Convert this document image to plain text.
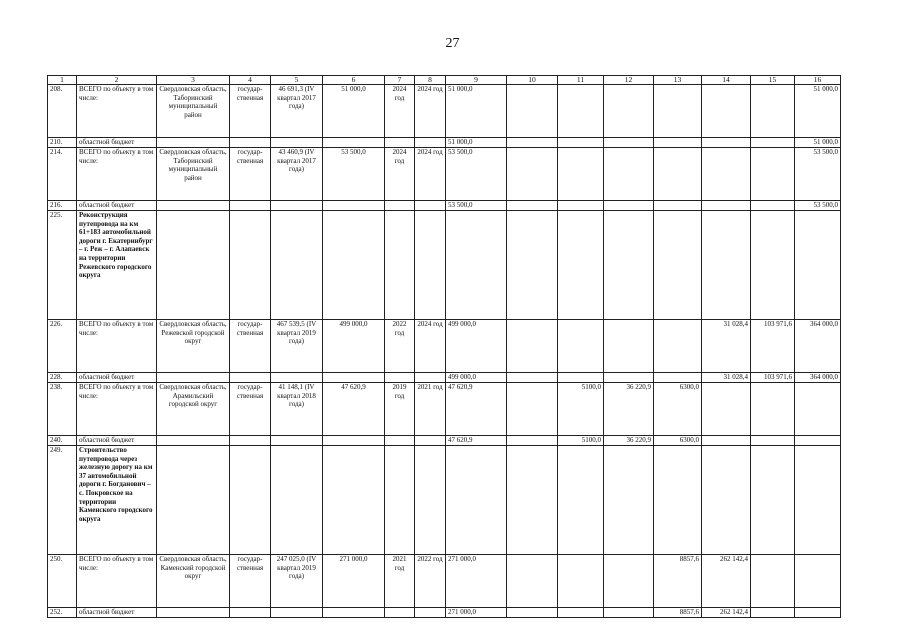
27
1	2	3	4	5	6	7	8	9	10	11	12	13	14	15	16
208.	ВСЕГО по объекту в том числе:	Свердловская область, Таборинский муниципальный район	государ-ственная	46 691,3 (IV квартал 2017 года)	51 000,0	2024 год	2024 год	51 000,0							51 000,0
210.	областной бюджет							51 000,0							51 000,0
214.	ВСЕГО по объекту в том числе:	Свердловская область, Таборинский муниципальный район	государ-ственная	43 460,9 (IV квартал 2017 года)	53 500,0	2024 год	2024 год	53 500,0							53 500,0
216.	областной бюджет							53 500,0							53 500,0
225.	Реконструкция путепровода на км 61+183 автомобильной дороги г. Екатеринбург – г. Реж – г. Алапаевск на территории Режевского городского округа														
226.	ВСЕГО по объекту в том числе:	Свердловская область, Режевской городской округ	государ-ственная	467 539,5 (IV квартал 2019 года)	499 000,0	2022 год	2024 год	499 000,0					31 028,4	103 971,6	364 000,0
228.	областной бюджет							499 000,0					31 028,4	103 971,6	364 000,0
238.	ВСЕГО по объекту в том числе:	Свердловская область, Арамильский городской округ	государ-ственная	41 148,1 (IV квартал 2018 года)	47 620,9	2019 год	2021 год	47 620,9		5100,0	36 220,9	6300,0			
240.	областной бюджет							47 620,9		5100,0	36 220,9	6300,0			
249.	Строительство путепровода через железную дорогу на км 37 автомобильной дороги г. Богданович – с. Покровское на территории Каменского городского округа														
250.	ВСЕГО по объекту в том числе:	Свердловская область, Каменский городской округ	государ-ственная	247 025,0 (IV квартал 2019 года)	271 000,0	2021 год	2022 год	271 000,0				8857,6	262 142,4		
252.	областной бюджет							271 000,0				8857,6	262 142,4		
